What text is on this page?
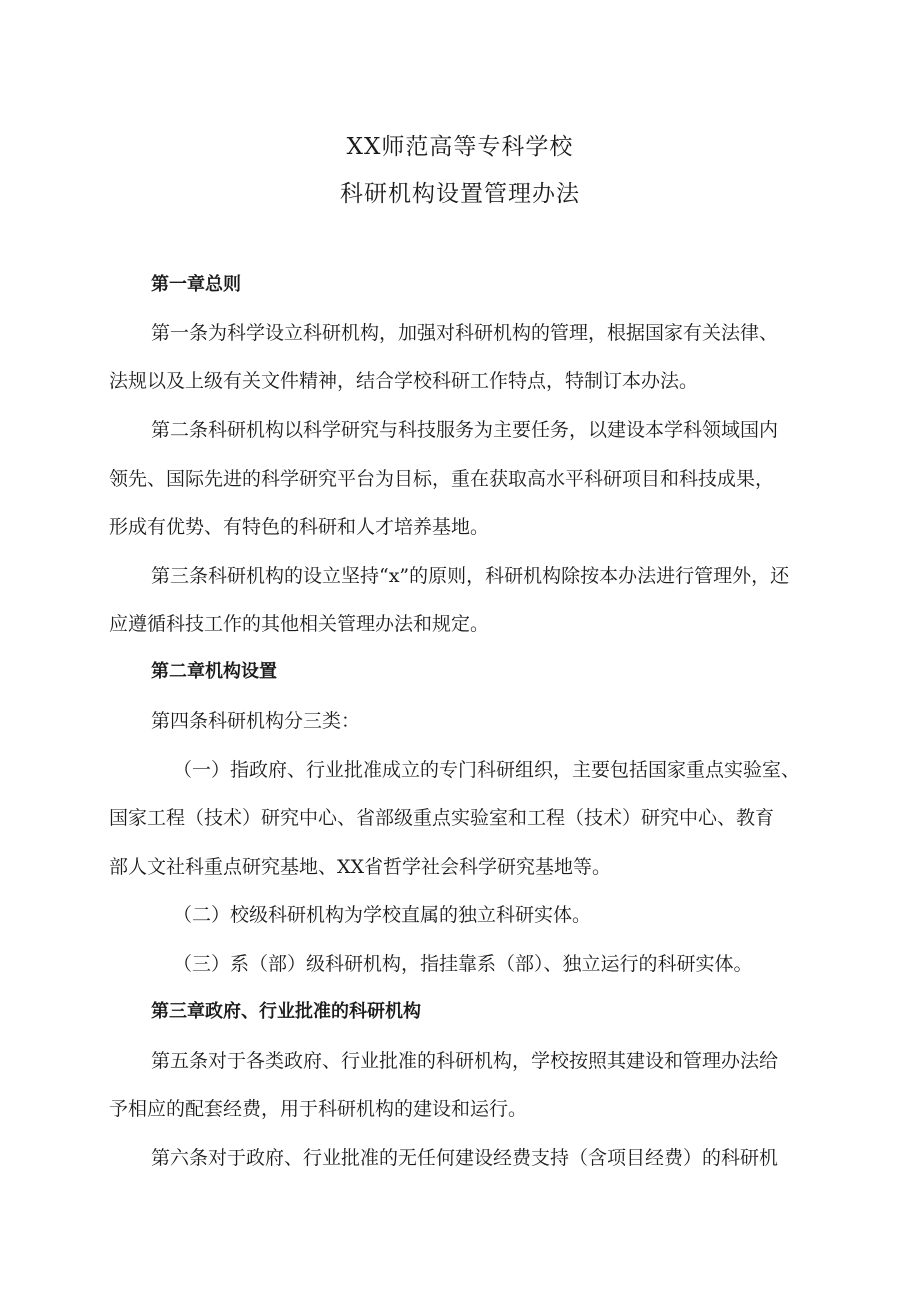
XX师范高等专科学校
科研机构设置管理办法
第一章总则
第一条为科学设立科研机构，加强对科研机构的管理，根据国家有关法律、
法规以及上级有关文件精神，结合学校科研工作特点，特制订本办法。
第二条科研机构以科学研究与科技服务为主要任务，以建设本学科领域国内
领先、国际先进的科学研究平台为目标，重在获取高水平科研项目和科技成果，
形成有优势、有特色的科研和人才培养基地。
第三条科研机构的设立坚持“x”的原则，科研机构除按本办法进行管理外，还
应遵循科技工作的其他相关管理办法和规定。
第二章机构设置
第四条科研机构分三类：
（一）指政府、行业批准成立的专门科研组织，主要包括国家重点实验室、
国家工程（技术）研究中心、省部级重点实验室和工程（技术）研究中心、教育
部人文社科重点研究基地、XX省哲学社会科学研究基地等。
（二）校级科研机构为学校直属的独立科研实体。
（三）系（部）级科研机构，指挂靠系（部）、独立运行的科研实体。
第三章政府、行业批准的科研机构
第五条对于各类政府、行业批准的科研机构，学校按照其建设和管理办法给
予相应的配套经费，用于科研机构的建设和运行。
第六条对于政府、行业批准的无任何建设经费支持（含项目经费）的科研机
